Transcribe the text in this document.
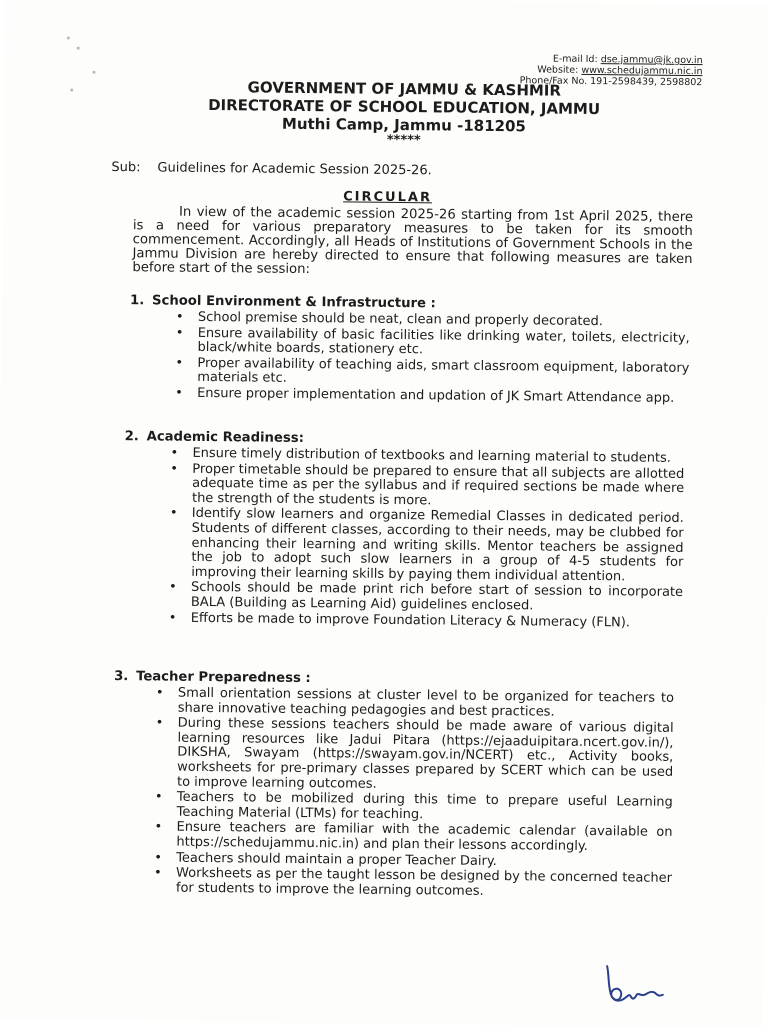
E-mail Id: dse.jammu@jk.gov.in
Website: www.schedujammu.nic.in
Phone/Fax No. 191-2598439, 2598802
GOVERNMENT OF JAMMU & KASHMIR
DIRECTORATE OF SCHOOL EDUCATION, JAMMU
Muthi Camp, Jammu -181205
*****
Sub: Guidelines for Academic Session 2025-26.
CIRCULAR

In view of the academic session 2025-26 starting from 1st April 2025, there is a need for various preparatory measures to be taken for its smooth commencement. Accordingly, all Heads of Institutions of Government Schools in the Jammu Division are hereby directed to ensure that following measures are taken before start of the session:

1. School Environment & Infrastructure :
• School premise should be neat, clean and properly decorated.
• Ensure availability of basic facilities like drinking water, toilets, electricity, black/white boards, stationery etc.
• Proper availability of teaching aids, smart classroom equipment, laboratory materials etc.
• Ensure proper implementation and updation of JK Smart Attendance app.
2. Academic Readiness:
• Ensure timely distribution of textbooks and learning material to students.
• Proper timetable should be prepared to ensure that all subjects are allotted adequate time as per the syllabus and if required sections be made where the strength of the students is more.
• Identify slow learners and organize Remedial Classes in dedicated period. Students of different classes, according to their needs, may be clubbed for enhancing their learning and writing skills. Mentor teachers be assigned the job to adopt such slow learners in a group of 4-5 students for improving their learning skills by paying them individual attention.
• Schools should be made print rich before start of session to incorporate BALA (Building as Learning Aid) guidelines enclosed.
• Efforts be made to improve Foundation Literacy & Numeracy (FLN).
3. Teacher Preparedness :
• Small orientation sessions at cluster level to be organized for teachers to share innovative teaching pedagogies and best practices.
• During these sessions teachers should be made aware of various digital learning resources like Jadui Pitara (https://ejaaduipitara.ncert.gov.in/), DIKSHA, Swayam (https://swayam.gov.in/NCERT) etc., Activity books, worksheets for pre-primary classes prepared by SCERT which can be used to improve learning outcomes.
• Teachers to be mobilized during this time to prepare useful Learning Teaching Material (LTMs) for teaching.
• Ensure teachers are familiar with the academic calendar (available on https://schedujammu.nic.in) and plan their lessons accordingly.
• Teachers should maintain a proper Teacher Dairy.
• Worksheets as per the taught lesson be designed by the concerned teacher for students to improve the learning outcomes.
